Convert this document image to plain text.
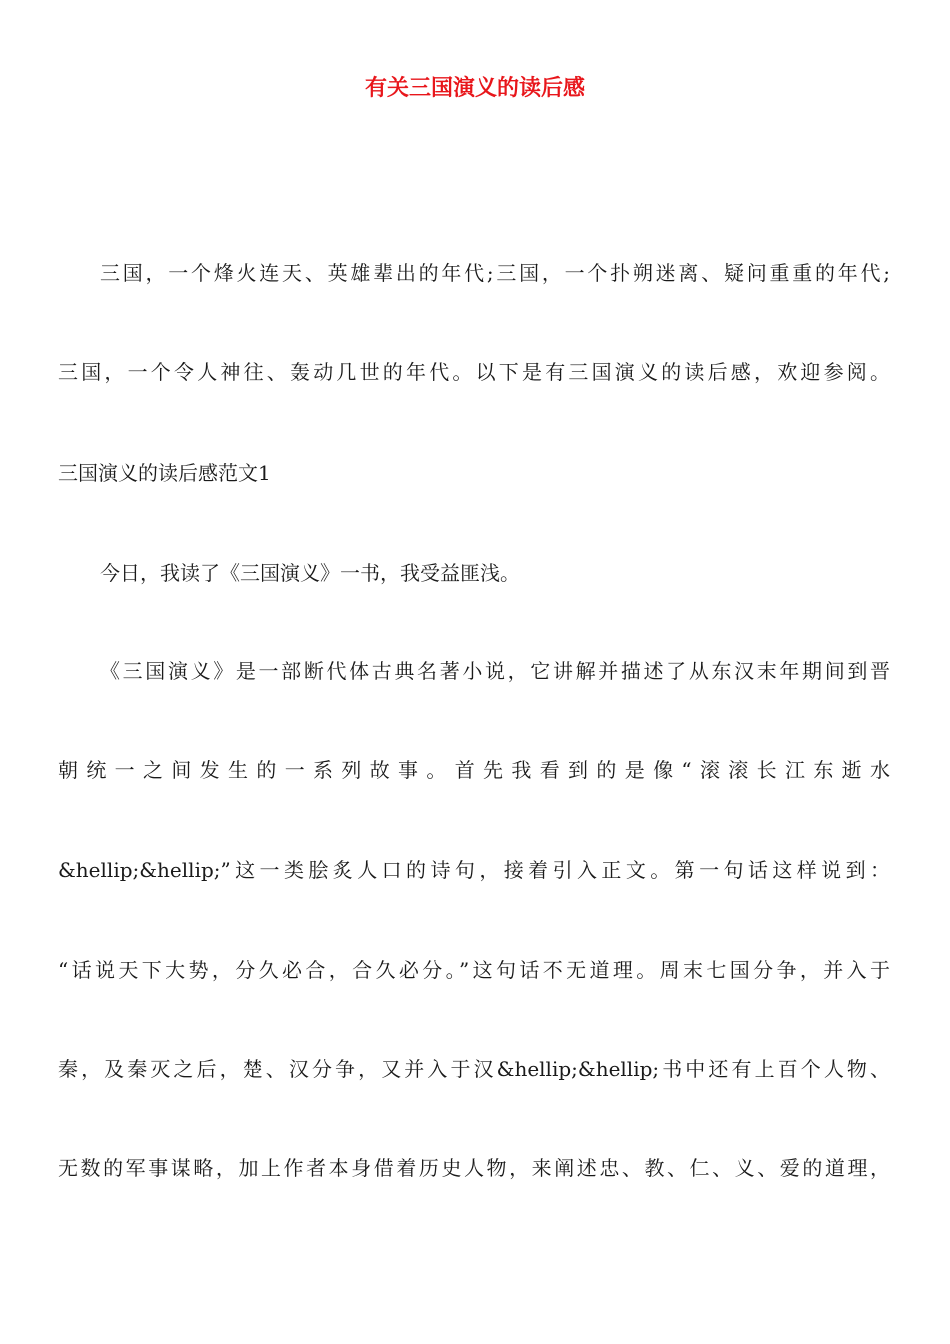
有关三国演义的读后感

三国，一个烽火连天、英雄辈出的年代;三国，一个扑朔迷离、疑问重重的年代;

三国，一个令人神往、轰动几世的年代。以下是有三国演义的读后感，欢迎参阅。

三国演义的读后感范文1

今日，我读了《三国演义》一书，我受益匪浅。

《三国演义》是一部断代体古典名著小说，它讲解并描述了从东汉末年期间到晋

朝统一之间发生的一系列故事。首先我看到的是像“滚滚长江东逝水

&hellip;&hellip;”这一类脍炙人口的诗句，接着引入正文。第一句话这样说到：

“话说天下大势，分久必合，合久必分。”这句话不无道理。周末七国分争，并入于

秦，及秦灭之后，楚、汉分争，又并入于汉&hellip;&hellip;书中还有上百个人物、

无数的军事谋略，加上作者本身借着历史人物，来阐述忠、教、仁、义、爱的道理，
